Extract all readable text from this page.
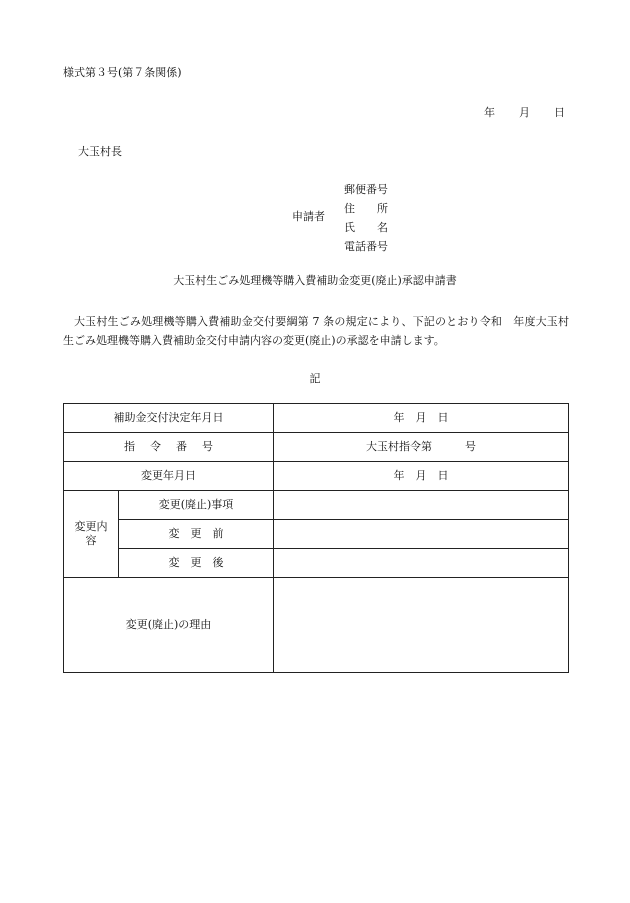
様式第３号(第７条関係)
年 月 日
大玉村長
申請者
郵便番号
住　　所
氏　　名
電話番号
大玉村生ごみ処理機等購入費補助金変更(廃止)承認申請書
大玉村生ごみ処理機等購入費補助金交付要綱第 7 条の規定により、下記のとおり令和　年度大玉村生ごみ処理機等購入費補助金交付申請内容の変更(廃止)の承認を申請します。
記
補助金交付決定年月日		年　月　日
指令番号		大玉村指令第　　　号
変更年月日		年　月　日

変更内容	変更(廃止)事項	
	変更前	
	変更後	
変更(廃止)の理由		
